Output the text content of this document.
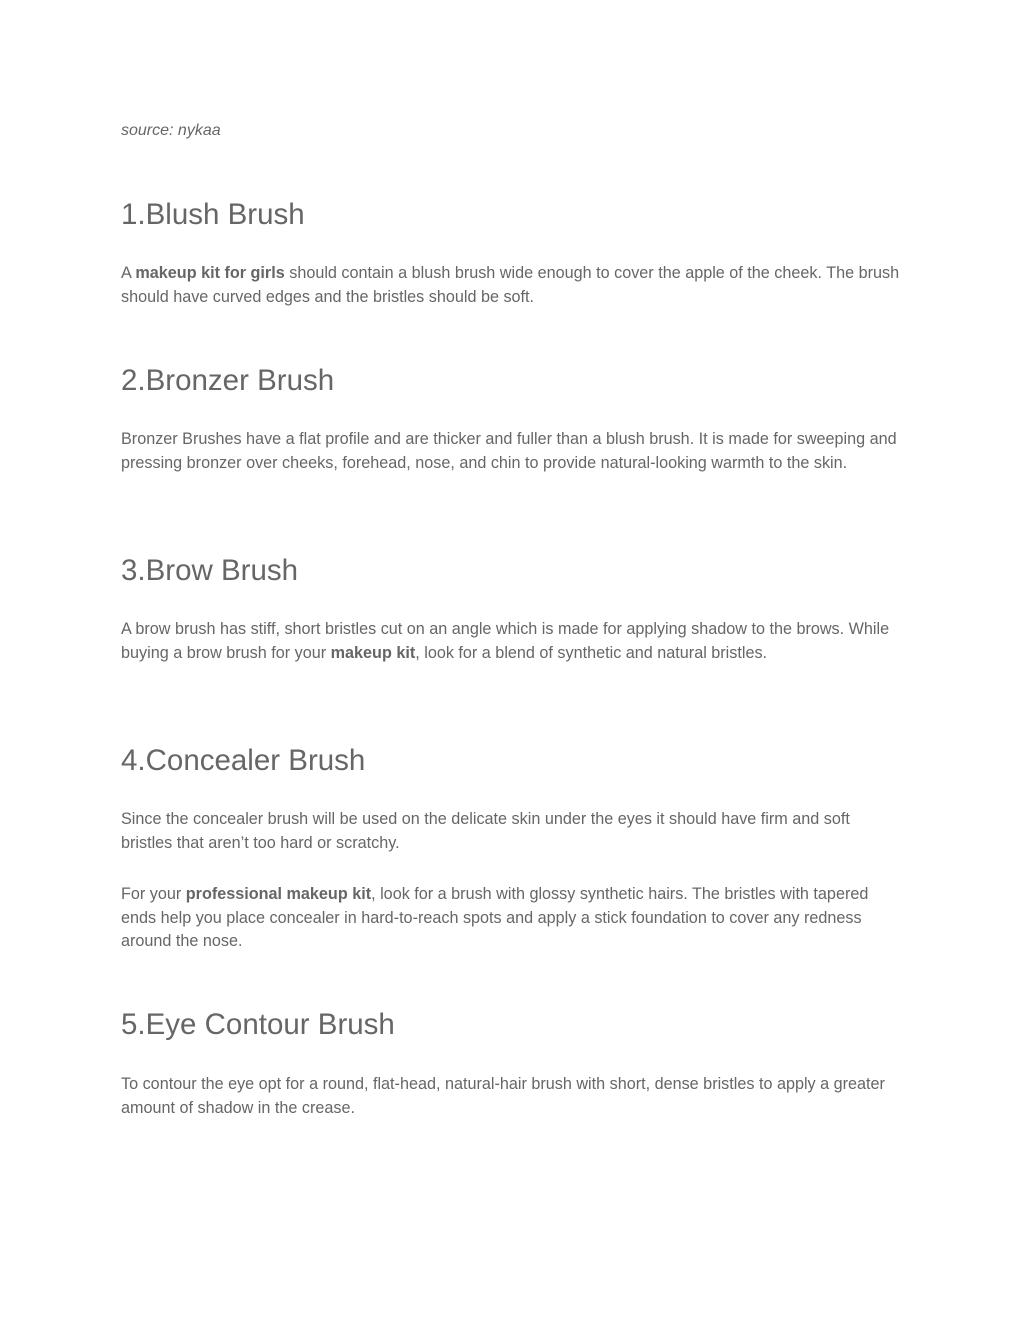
source: nykaa

1.Blush Brush

A makeup kit for girls should contain a blush brush wide enough to cover the apple of the cheek. The brush should have curved edges and the bristles should be soft.

2.Bronzer Brush

Bronzer Brushes have a flat profile and are thicker and fuller than a blush brush. It is made for sweeping and pressing bronzer over cheeks, forehead, nose, and chin to provide natural-looking warmth to the skin.

3.Brow Brush

A brow brush has stiff, short bristles cut on an angle which is made for applying shadow to the brows. While buying a brow brush for your makeup kit, look for a blend of synthetic and natural bristles.

4.Concealer Brush

Since the concealer brush will be used on the delicate skin under the eyes it should have firm and soft bristles that aren’t too hard or scratchy.

For your professional makeup kit, look for a brush with glossy synthetic hairs. The bristles with tapered ends help you place concealer in hard-to-reach spots and apply a stick foundation to cover any redness around the nose.

5.Eye Contour Brush

To contour the eye opt for a round, flat-head, natural-hair brush with short, dense bristles to apply a greater amount of shadow in the crease.
